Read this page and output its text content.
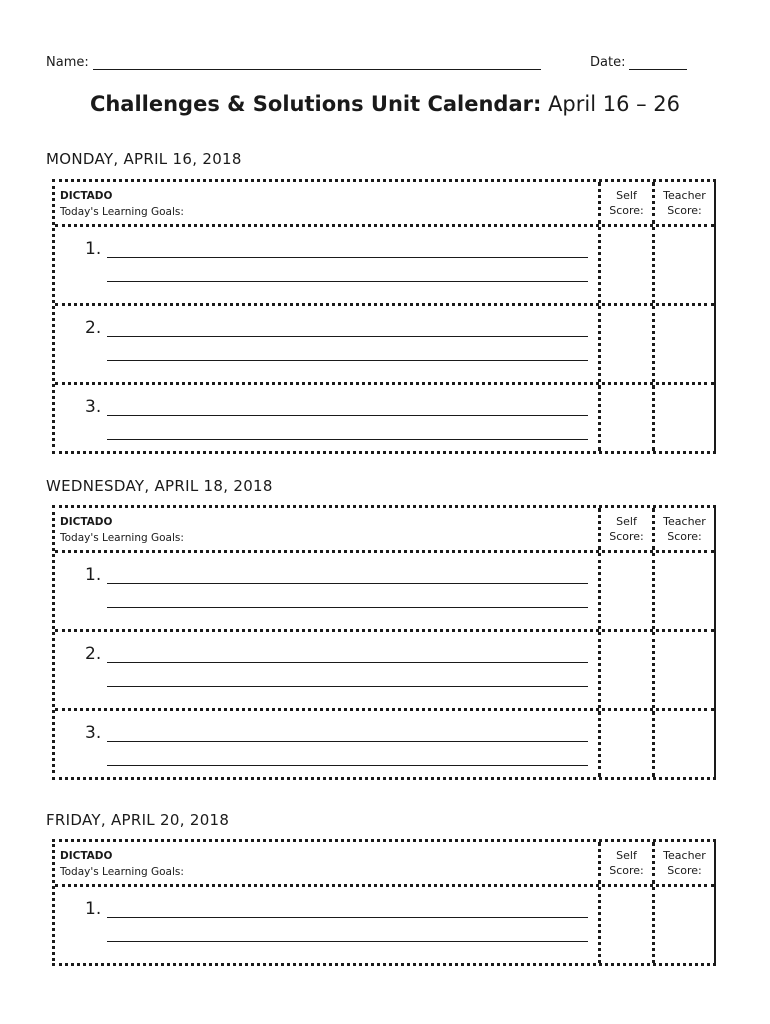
Name:	Date:
Challenges & Solutions Unit Calendar: April 16 – 26
MONDAY, APRIL 16, 2018
DICTADO
Today's Learning Goals:
Self
Score:
Teacher
Score:
1.
2.
3.
WEDNESDAY, APRIL 18, 2018
DICTADO
Today's Learning Goals:
Self
Score:
Teacher
Score:
1.
2.
3.
FRIDAY, APRIL 20, 2018
DICTADO
Today's Learning Goals:
Self
Score:
Teacher
Score:
1.
